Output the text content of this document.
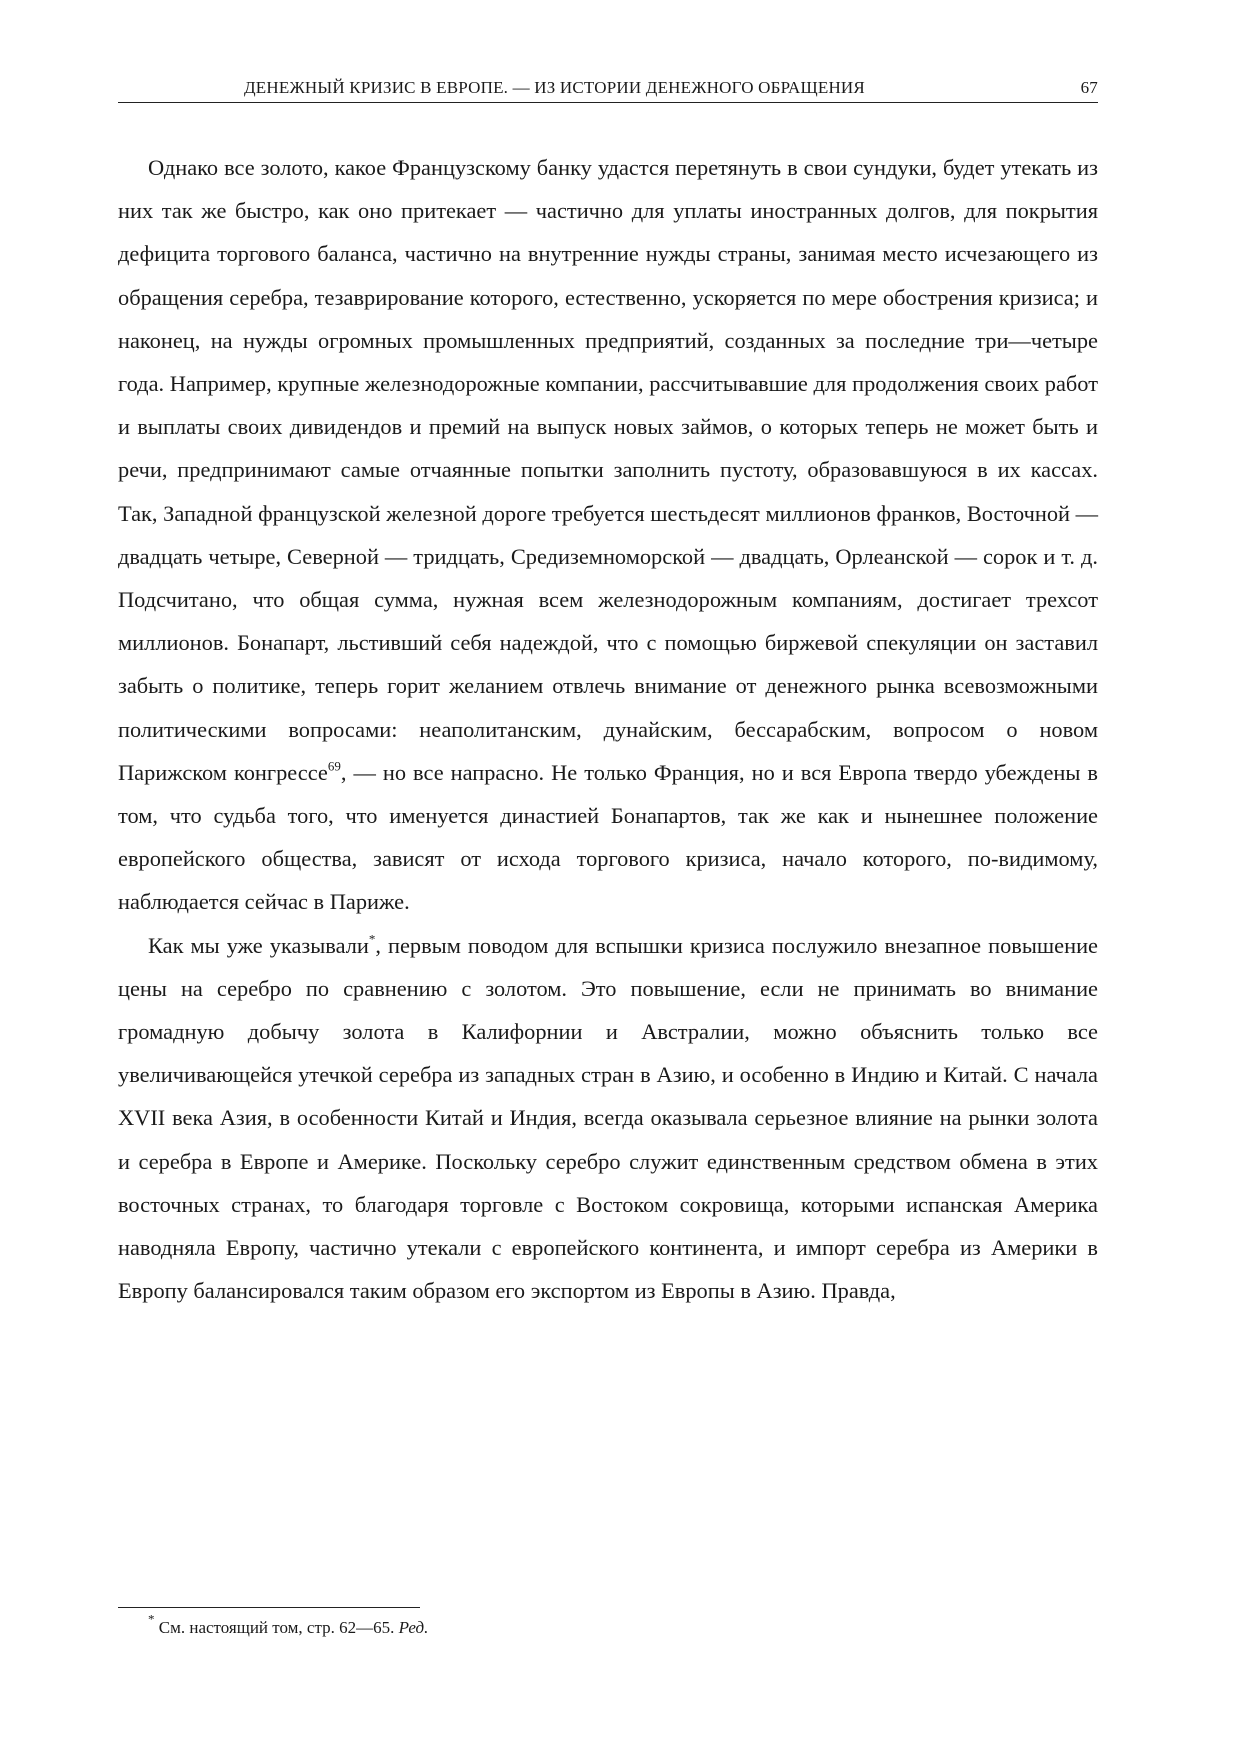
ДЕНЕЖНЫЙ КРИЗИС В ЕВРОПЕ. — ИЗ ИСТОРИИ ДЕНЕЖНОГО ОБРАЩЕНИЯ	67

Однако все золото, какое Французскому банку удастся перетянуть в свои сундуки, будет утекать из них так же быстро, как оно притекает — частично для уплаты иностранных долгов, для покрытия дефицита торгового баланса, частично на внутренние нужды страны, занимая место исчезающего из обращения серебра, тезаврирование которого, естественно, ускоряется по мере обострения кризиса; и наконец, на нужды огромных промышленных предприятий, созданных за последние три—четыре года. Например, крупные железнодорожные компании, рассчитывавшие для продолжения своих работ и выплаты своих дивидендов и премий на выпуск новых займов, о которых теперь не может быть и речи, предпринимают самые отчаянные попытки заполнить пустоту, образовавшуюся в их кассах. Так, Западной французской железной дороге требуется шестьдесят миллионов франков, Восточной — двадцать четыре, Северной — тридцать, Средиземноморской — двадцать, Орлеанской — сорок и т. д. Подсчитано, что общая сумма, нужная всем железнодорожным компаниям, достигает трехсот миллионов. Бонапарт, льстивший себя надеждой, что с помощью биржевой спекуляции он заставил забыть о политике, теперь горит желанием отвлечь внимание от денежного рынка всевозможными политическими вопросами: неаполитанским, дунайским, бессарабским, вопросом о новом Парижском конгрессе$^{69}$, — но все напрасно. Не только Франция, но и вся Европа твердо убеждены в том, что судьба того, что именуется династией Бонапартов, так же как и нынешнее положение европейского общества, зависят от исхода торгового кризиса, начало которого, по-видимому, наблюдается сейчас в Париже.

Как мы уже указывали*, первым поводом для вспышки кризиса послужило внезапное повышение цены на серебро по сравнению с золотом. Это повышение, если не принимать во внимание громадную добычу золота в Калифорнии и Австралии, можно объяснить только все увеличивающейся утечкой серебра из западных стран в Азию, и особенно в Индию и Китай. С начала XVII века Азия, в особенности Китай и Индия, всегда оказывала серьезное влияние на рынки золота и серебра в Европе и Америке. Поскольку серебро служит единственным средством обмена в этих восточных странах, то благодаря торговле с Востоком сокровища, которыми испанская Америка наводняла Европу, частично утекали с европейского континента, и импорт серебра из Америки в Европу балансировался таким образом его экспортом из Европы в Азию. Правда,

* См. настоящий том, стр. 62—65. Ред.
